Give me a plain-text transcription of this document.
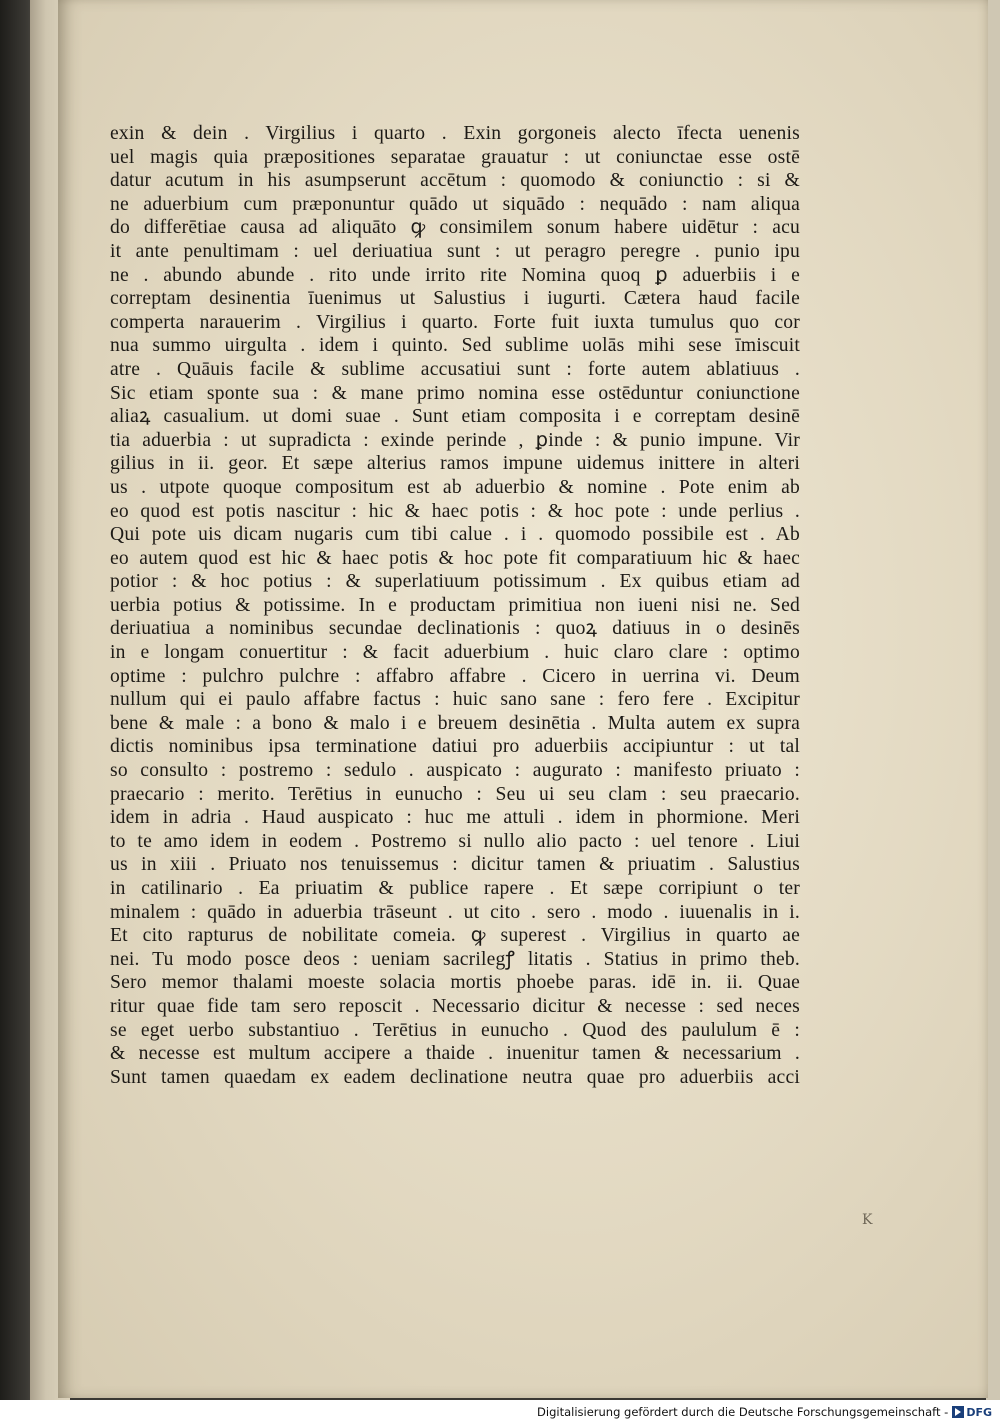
exin & dein . Virgilius i quarto . Exin gorgoneis alecto īfecta uenenis
uel magis quia præpositiones separatae grauatur : ut coniunctae esse ostē
datur acutum in his asumpserunt accētum : quomodo & coniunctio : si &
ne aduerbium cum præponuntur quādo ut siquādo : nequādo : nam aliqua
do differētiae causa ad aliquāto ꝙ consimilem sonum habere uidētur : acu
it ante penultimam : uel deriuatiua sunt : ut peragro peregre . punio ipu
ne . abundo abunde . rito unde irrito rite Nomina quoq ꝑ aduerbiis i e
correptam desinentia īuenimus ut Salustius i iugurti. Cætera haud facile
comperta narauerim . Virgilius i quarto. Forte fuit iuxta tumulus quo cor
nua summo uirgulta . idem i quinto. Sed sublime uolās mihi sese īmiscuit
atre . Quāuis facile & sublime accusatiui sunt : forte autem ablatiuus .
Sic etiam sponte sua : & mane primo nomina esse ostēduntur coniunctione
aliaꝝ casualium. ut domi suae . Sunt etiam composita i e correptam desinē
tia aduerbia : ut supradicta : exinde perinde , ꝑinde : & punio impune. Vir
gilius in ii. geor. Et sæpe alterius ramos impune uidemus inittere in alteri
us . utpote quoque compositum est ab aduerbio & nomine . Pote enim ab
eo quod est potis nascitur : hic & haec potis : & hoc pote : unde perlius .
Qui pote uis dicam nugaris cum tibi calue . i . quomodo possibile est . Ab
eo autem quod est hic & haec potis & hoc pote fit comparatiuum hic & haec
potior : & hoc potius : & superlatiuum potissimum . Ex quibus etiam ad
uerbia potius & potissime. In e productam primitiua non iueni nisi ne. Sed
deriuatiua a nominibus secundae declinationis : quoꝝ datiuus in o desinēs
in e longam conuertitur : & facit aduerbium . huic claro clare : optimo
optime : pulchro pulchre : affabro affabre . Cicero in uerrina vi. Deum
nullum qui ei paulo affabre factus : huic sano sane : fero fere . Excipitur
bene & male : a bono & malo i e breuem desinētia . Multa autem ex supra
dictis nominibus ipsa terminatione datiui pro aduerbiis accipiuntur : ut tal
so consulto : postremo : sedulo . auspicato : augurato : manifesto priuato :
praecario : merito. Terētius in eunucho : Seu ui seu clam : seu praecario.
idem in adria . Haud auspicato : huc me attuli . idem in phormione. Meri
to te amo idem in eodem . Postremo si nullo alio pacto : uel tenore . Liui
us in xiii . Priuato nos tenuissemus : dicitur tamen & priuatim . Salustius
in catilinario . Ea priuatim & publice rapere . Et sæpe corripiunt o ter
minalem : quādo in aduerbia trāseunt . ut cito . sero . modo . iuuenalis in i.
Et cito rapturus de nobilitate comeia. ꝙ superest . Virgilius in quarto ae
nei. Tu modo posce deos : ueniam sacrilegꝭ litatis . Statius in primo theb.
Sero memor thalami moeste solacia mortis phoebe paras. idē in. ii. Quae
ritur quae fide tam sero reposcit . Necessario dicitur & necesse : sed neces
se eget uerbo substantiuo . Terētius in eunucho . Quod des paululum ē :
& necesse est multum accipere a thaide . inuenitur tamen & necessarium .
Sunt tamen quaedam ex eadem declinatione neutra quae pro aduerbiis acci
K
Digitalisierung gefördert durch die Deutsche Forschungsgemeinschaft - DFG
